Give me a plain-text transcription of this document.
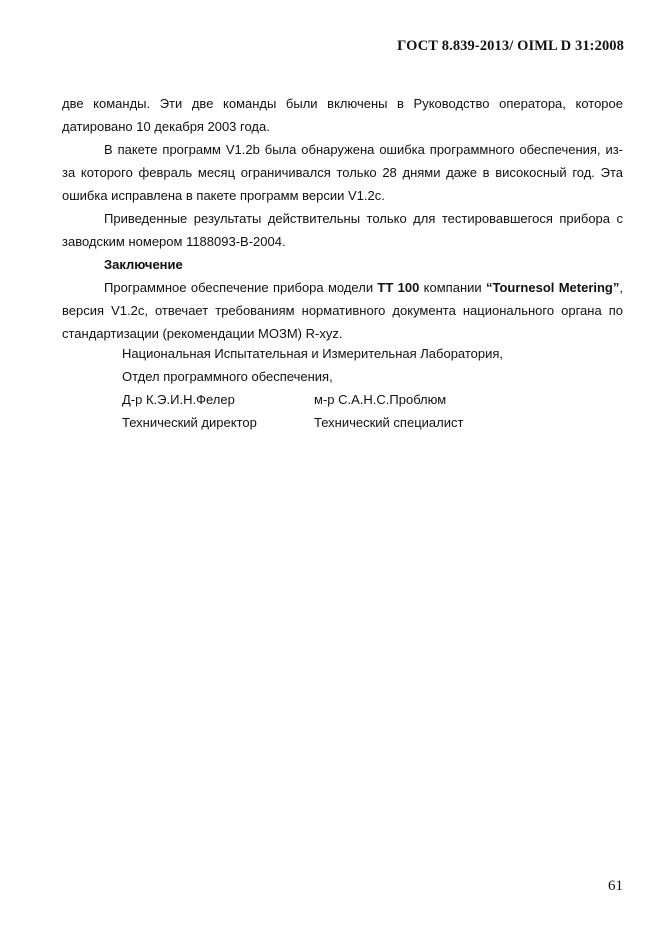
ГОСТ 8.839-2013/ OIML D 31:2008

две команды. Эти две команды были включены в Руководство оператора, которое датировано 10 декабря 2003 года.

В пакете программ V1.2b была обнаружена ошибка программного обеспечения, из-за которого февраль месяц ограничивался только 28 днями даже в високосный год. Эта ошибка исправлена в пакете программ версии V1.2c.

Приведенные результаты действительны только для тестировавшегося прибора с заводским номером 1188093-B-2004.

Заключение

Программное обеспечение прибора модели TT 100 компании “Tournesol Metering”, версия V1.2c, отвечает требованиям нормативного документа национального органа по стандартизации (рекомендации МОЗМ) R-xyz.

Национальная Испытательная и Измерительная Лаборатория,
Отдел программного обеспечения,
Д-р К.Э.И.Н.Фелер	м-р С.А.Н.С.Проблюм
Технический директор	Технический специалист
61
